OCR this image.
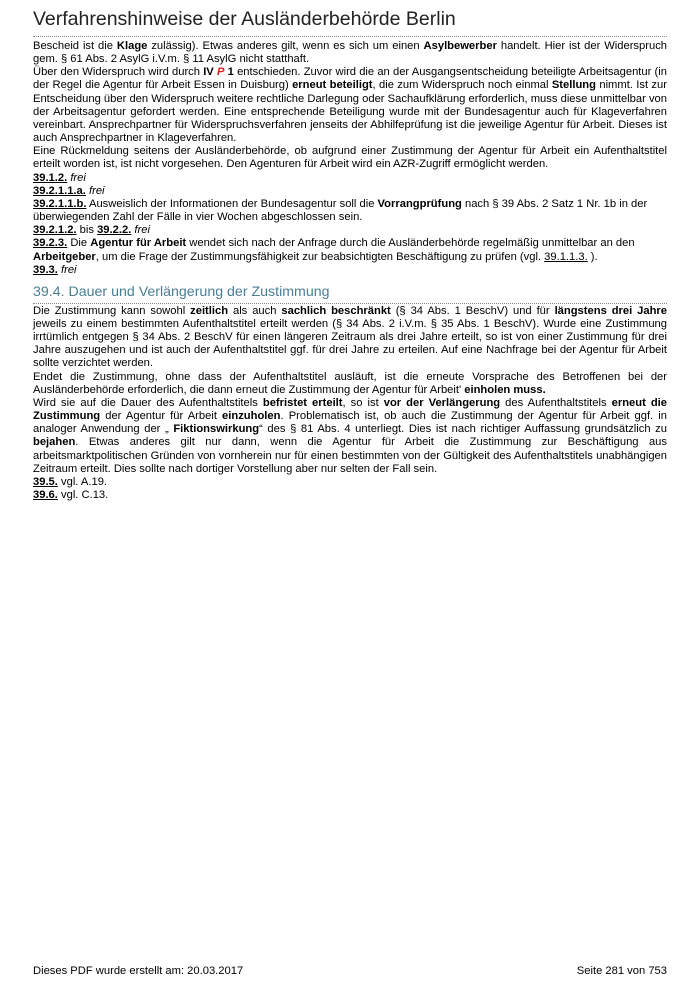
Verfahrenshinweise der Ausländerbehörde Berlin

Bescheid ist die Klage zulässig). Etwas anderes gilt, wenn es sich um einen Asylbewerber handelt. Hier ist der Widerspruch gem. § 61 Abs. 2 AsylG i.V.m. § 11 AsylG nicht statthaft.

Über den Widerspruch wird durch IV P 1 entschieden. Zuvor wird die an der Ausgangsentscheidung beteiligte Arbeitsagentur (in der Regel die Agentur für Arbeit Essen in Duisburg) erneut beteiligt, die zum Widerspruch noch einmal Stellung nimmt. Ist zur Entscheidung über den Widerspruch weitere rechtliche Darlegung oder Sachaufklärung erforderlich, muss diese unmittelbar von der Arbeitsagentur gefordert werden. Eine entsprechende Beteiligung wurde mit der Bundesagentur auch für Klageverfahren vereinbart. Ansprechpartner für Widerspruchsverfahren jenseits der Abhilfeprüfung ist die jeweilige Agentur für Arbeit. Dieses ist auch Ansprechpartner in Klageverfahren.

Eine Rückmeldung seitens der Ausländerbehörde, ob aufgrund einer Zustimmung der Agentur für Arbeit ein Aufenthaltstitel erteilt worden ist, ist nicht vorgesehen. Den Agenturen für Arbeit wird ein AZR-Zugriff ermöglicht werden.

39.1.2. frei

39.2.1.1.a. frei

39.2.1.1.b. Ausweislich der Informationen der Bundesagentur soll die Vorrangprüfung nach § 39 Abs. 2 Satz 1 Nr. 1b in der überwiegenden Zahl der Fälle in vier Wochen abgeschlossen sein.

39.2.1.2. bis 39.2.2. frei

39.2.3. Die Agentur für Arbeit wendet sich nach der Anfrage durch die Ausländerbehörde regelmäßig unmittelbar an den Arbeitgeber, um die Frage der Zustimmungsfähigkeit zur beabsichtigten Beschäftigung zu prüfen (vgl. 39.1.1.3. ).

39.3. frei

39.4. Dauer und Verlängerung der Zustimmung

Die Zustimmung kann sowohl zeitlich als auch sachlich beschränkt (§ 34 Abs. 1 BeschV) und für längstens drei Jahre jeweils zu einem bestimmten Aufenthaltstitel erteilt werden (§ 34 Abs. 2 i.V.m. § 35 Abs. 1 BeschV). Wurde eine Zustimmung irrtümlich entgegen § 34 Abs. 2 BeschV für einen längeren Zeitraum als drei Jahre erteilt, so ist von einer Zustimmung für drei Jahre auszugehen und ist auch der Aufenthaltstitel ggf. für drei Jahre zu erteilen. Auf eine Nachfrage bei der Agentur für Arbeit sollte verzichtet werden.

Endet die Zustimmung, ohne dass der Aufenthaltstitel ausläuft, ist die erneute Vorsprache des Betroffenen bei der Ausländerbehörde erforderlich, die dann erneut die Zustimmung der Agentur für Arbeit' einholen muss.

Wird sie auf die Dauer des Aufenthaltstitels befristet erteilt, so ist vor der Verlängerung des Aufenthaltstitels erneut die Zustimmung der Agentur für Arbeit einzuholen. Problematisch ist, ob auch die Zustimmung der Agentur für Arbeit ggf. in analoger Anwendung der „ Fiktionswirkung“ des § 81 Abs. 4 unterliegt. Dies ist nach richtiger Auffassung grundsätzlich zu bejahen. Etwas anderes gilt nur dann, wenn die Agentur für Arbeit die Zustimmung zur Beschäftigung aus arbeitsmarktpolitischen Gründen von vornherein nur für einen bestimmten von der Gültigkeit des Aufenthaltstitels unabhängigen Zeitraum erteilt. Dies sollte nach dortiger Vorstellung aber nur selten der Fall sein.

39.5. vgl. A.19.

39.6. vgl. C.13.

Dieses PDF wurde erstellt am: 20.03.2017	Seite 281 von 753
